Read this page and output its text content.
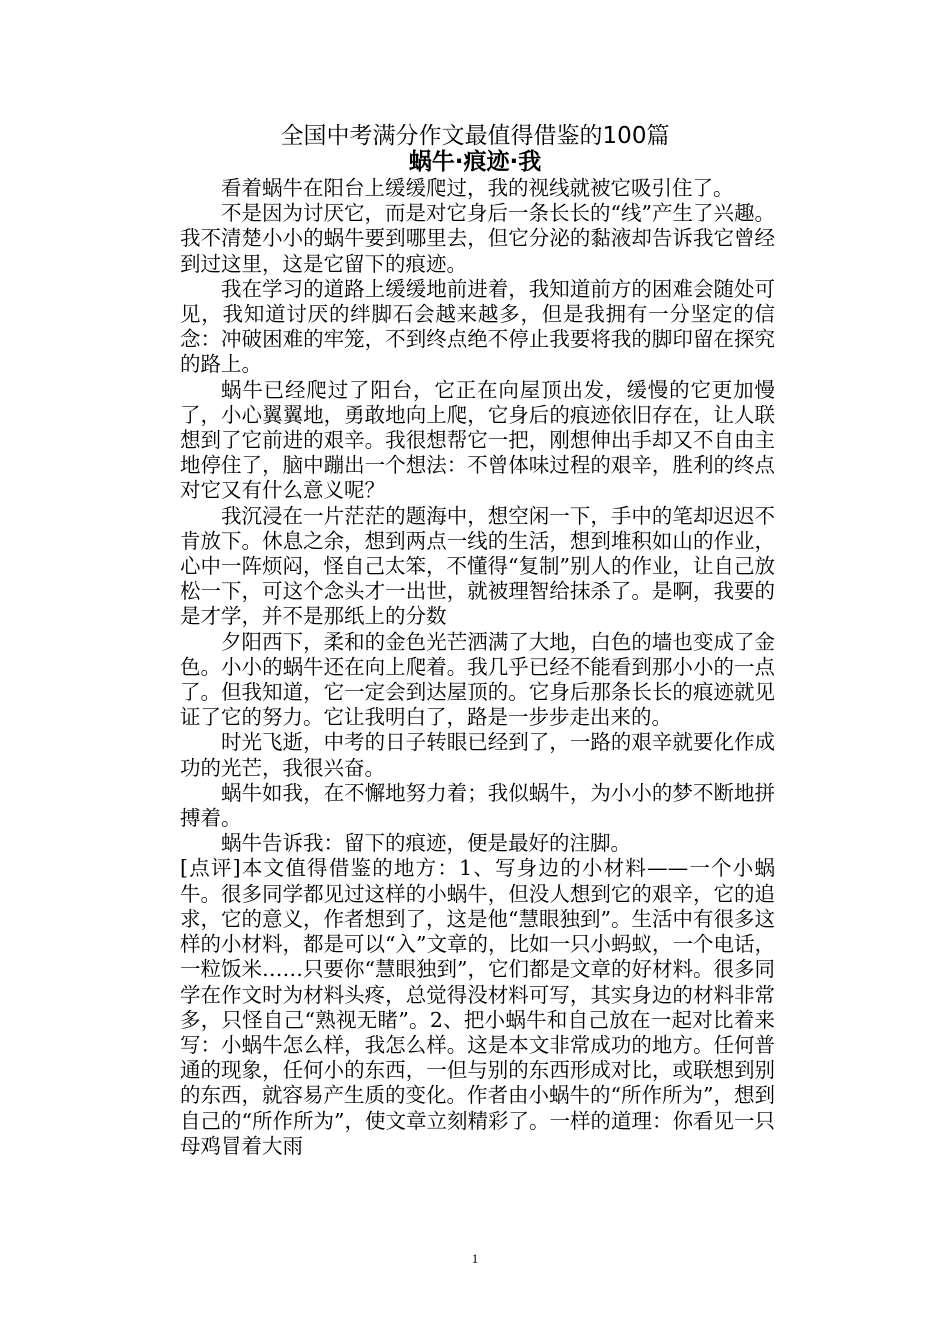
全国中考满分作文最值得借鉴的100篇
蜗牛·痕迹·我

看着蜗牛在阳台上缓缓爬过，我的视线就被它吸引住了。

不是因为讨厌它，而是对它身后一条长长的“线”产生了兴趣。我不清楚小小的蜗牛要到哪里去，但它分泌的黏液却告诉我它曾经到过这里，这是它留下的痕迹。

我在学习的道路上缓缓地前进着，我知道前方的困难会随处可见，我知道讨厌的绊脚石会越来越多，但是我拥有一分坚定的信念：冲破困难的牢笼，不到终点绝不停止我要将我的脚印留在探究的路上。

蜗牛已经爬过了阳台，它正在向屋顶出发，缓慢的它更加慢了，小心翼翼地，勇敢地向上爬，它身后的痕迹依旧存在，让人联想到了它前进的艰辛。我很想帮它一把，刚想伸出手却又不自由主地停住了，脑中蹦出一个想法：不曾体味过程的艰辛，胜利的终点对它又有什么意义呢？

我沉浸在一片茫茫的题海中，想空闲一下，手中的笔却迟迟不肯放下。休息之余，想到两点一线的生活，想到堆积如山的作业，心中一阵烦闷，怪自己太笨，不懂得“复制”别人的作业，让自己放松一下，可这个念头才一出世，就被理智给抹杀了。是啊，我要的是才学，并不是那纸上的分数

夕阳西下，柔和的金色光芒洒满了大地，白色的墙也变成了金色。小小的蜗牛还在向上爬着。我几乎已经不能看到那小小的一点了。但我知道，它一定会到达屋顶的。它身后那条长长的痕迹就见证了它的努力。它让我明白了，路是一步步走出来的。

时光飞逝，中考的日子转眼已经到了，一路的艰辛就要化作成功的光芒，我很兴奋。

蜗牛如我，在不懈地努力着；我似蜗牛，为小小的梦不断地拼搏着。

蜗牛告诉我：留下的痕迹，便是最好的注脚。

[点评]本文值得借鉴的地方：1、写身边的小材料——一个小蜗牛。很多同学都见过这样的小蜗牛，但没人想到它的艰辛，它的追求，它的意义，作者想到了，这是他“慧眼独到”。生活中有很多这样的小材料，都是可以“入”文章的，比如一只小蚂蚁，一个电话，一粒饭米……只要你“慧眼独到”，它们都是文章的好材料。很多同学在作文时为材料头疼，总觉得没材料可写，其实身边的材料非常多，只怪自己“熟视无睹”。2、把小蜗牛和自己放在一起对比着来写：小蜗牛怎么样，我怎么样。这是本文非常成功的地方。任何普通的现象，任何小的东西，一但与别的东西形成对比，或联想到别的东西，就容易产生质的变化。作者由小蜗牛的“所作所为”，想到自己的“所作所为”，使文章立刻精彩了。一样的道理：你看见一只母鸡冒着大雨

1
